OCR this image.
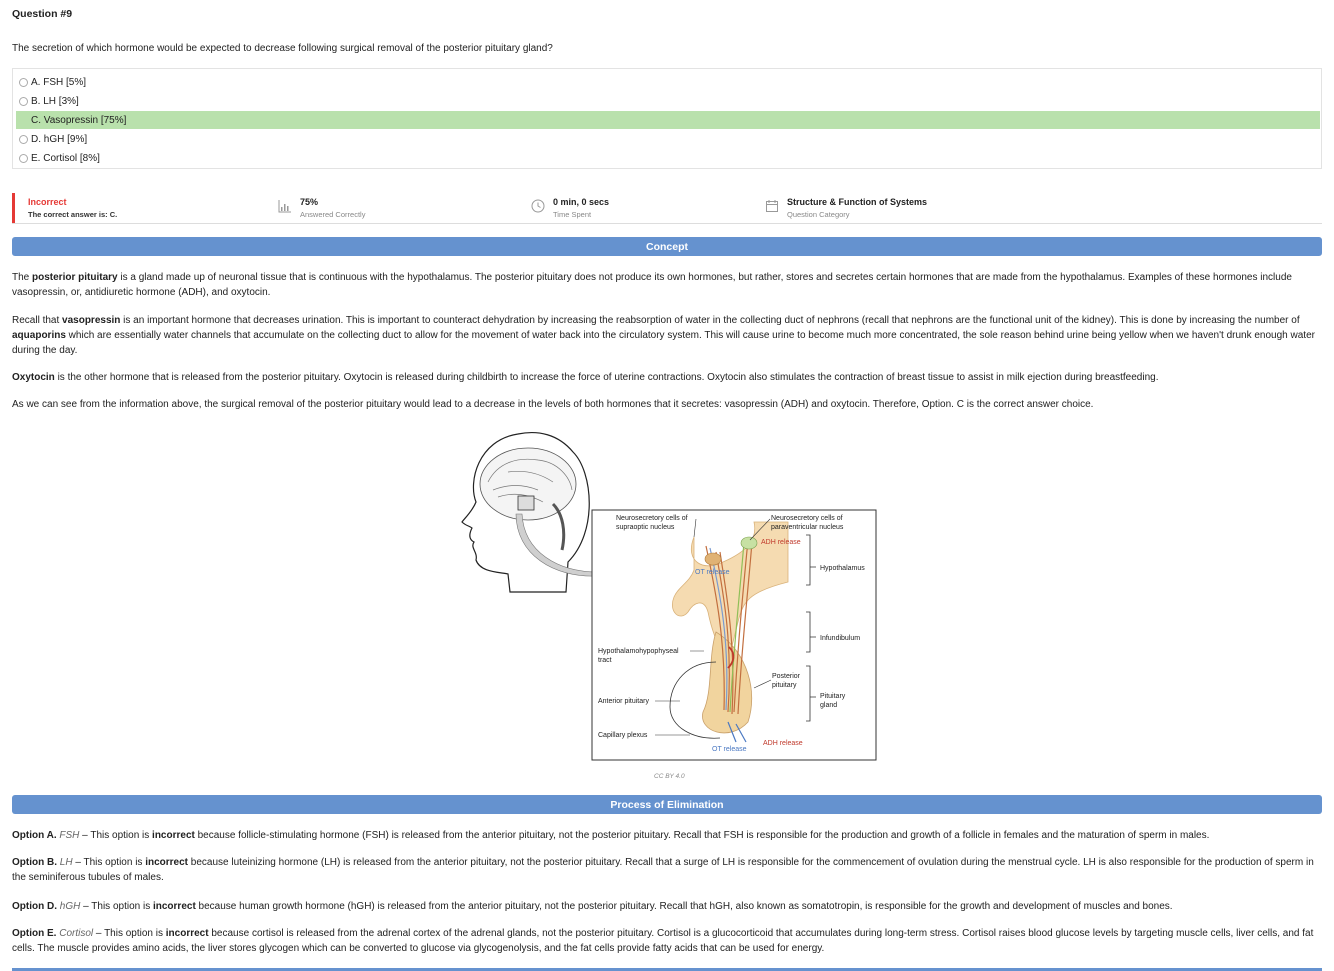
Question #9
The secretion of which hormone would be expected to decrease following surgical removal of the posterior pituitary gland?
A. FSH [5%]
B. LH [3%]
C. Vasopressin [75%]
D. hGH [9%]
E. Cortisol [8%]
Incorrect
The correct answer is: C.
75%
Answered Correctly
0 min, 0 secs
Time Spent
Structure & Function of Systems
Question Category
Concept
The posterior pituitary is a gland made up of neuronal tissue that is continuous with the hypothalamus. The posterior pituitary does not produce its own hormones, but rather, stores and secretes certain hormones that are made from the hypothalamus. Examples of these hormones include vasopressin, or, antidiuretic hormone (ADH), and oxytocin.
Recall that vasopressin is an important hormone that decreases urination. This is important to counteract dehydration by increasing the reabsorption of water in the collecting duct of nephrons (recall that nephrons are the functional unit of the kidney). This is done by increasing the number of aquaporins which are essentially water channels that accumulate on the collecting duct to allow for the movement of water back into the circulatory system. This will cause urine to become much more concentrated, the sole reason behind urine being yellow when we haven't drunk enough water during the day.
Oxytocin is the other hormone that is released from the posterior pituitary. Oxytocin is released during childbirth to increase the force of uterine contractions. Oxytocin also stimulates the contraction of breast tissue to assist in milk ejection during breastfeeding.
As we can see from the information above, the surgical removal of the posterior pituitary would lead to a decrease in the levels of both hormones that it secretes: vasopressin (ADH) and oxytocin. Therefore, Option. C is the correct answer choice.
Neurosecretory cells of
supraoptic nucleus
Neurosecretory cells of
paraventricular nucleus
ADH release
OT release
Hypothalamus
Infundibulum
Hypothalamohypophyseal
tract
Posterior
pituitary
Pituitary
gland
Anterior pituitary
Capillary plexus
OT release
ADH release
CC BY 4.0
Process of Elimination
Option A. FSH – This option is incorrect because follicle-stimulating hormone (FSH) is released from the anterior pituitary, not the posterior pituitary. Recall that FSH is responsible for the production and growth of a follicle in females and the maturation of sperm in males.
Option B. LH – This option is incorrect because luteinizing hormone (LH) is released from the anterior pituitary, not the posterior pituitary. Recall that a surge of LH is responsible for the commencement of ovulation during the menstrual cycle. LH is also responsible for the production of sperm in the seminiferous tubules of males.
Option D. hGH – This option is incorrect because human growth hormone (hGH) is released from the anterior pituitary, not the posterior pituitary. Recall that hGH, also known as somatotropin, is responsible for the growth and development of muscles and bones.
Option E. Cortisol – This option is incorrect because cortisol is released from the adrenal cortex of the adrenal glands, not the posterior pituitary. Cortisol is a glucocorticoid that accumulates during long-term stress. Cortisol raises blood glucose levels by targeting muscle cells, liver cells, and fat cells. The muscle provides amino acids, the liver stores glycogen which can be converted to glucose via glycogenolysis, and the fat cells provide fatty acids that can be used for energy.
